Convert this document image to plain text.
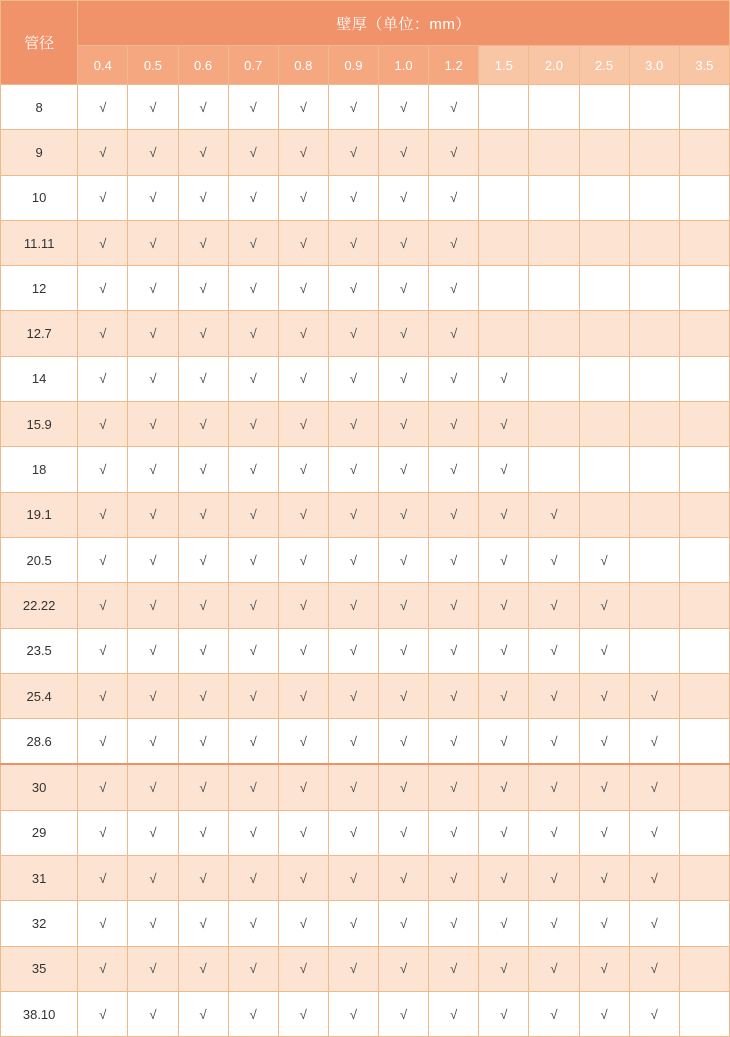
管径	壁厚（单位：mm）												
	0.4	0.5	0.6	0.7	0.8	0.9	1.0	1.2	1.5	2.0	2.5	3.0	3.5
8	√	√	√	√	√	√	√	√					
9	√	√	√	√	√	√	√	√					
10	√	√	√	√	√	√	√	√					
11.11	√	√	√	√	√	√	√	√					
12	√	√	√	√	√	√	√	√					
12.7	√	√	√	√	√	√	√	√					
14	√	√	√	√	√	√	√	√	√				
15.9	√	√	√	√	√	√	√	√	√				
18	√	√	√	√	√	√	√	√	√				
19.1	√	√	√	√	√	√	√	√	√	√			
20.5	√	√	√	√	√	√	√	√	√	√	√		
22.22	√	√	√	√	√	√	√	√	√	√	√		
23.5	√	√	√	√	√	√	√	√	√	√	√		
25.4	√	√	√	√	√	√	√	√	√	√	√	√	
28.6	√	√	√	√	√	√	√	√	√	√	√	√	
30	√	√	√	√	√	√	√	√	√	√	√	√	
29	√	√	√	√	√	√	√	√	√	√	√	√	
31	√	√	√	√	√	√	√	√	√	√	√	√	
32	√	√	√	√	√	√	√	√	√	√	√	√	
35	√	√	√	√	√	√	√	√	√	√	√	√	
38.10	√	√	√	√	√	√	√	√	√	√	√	√	
